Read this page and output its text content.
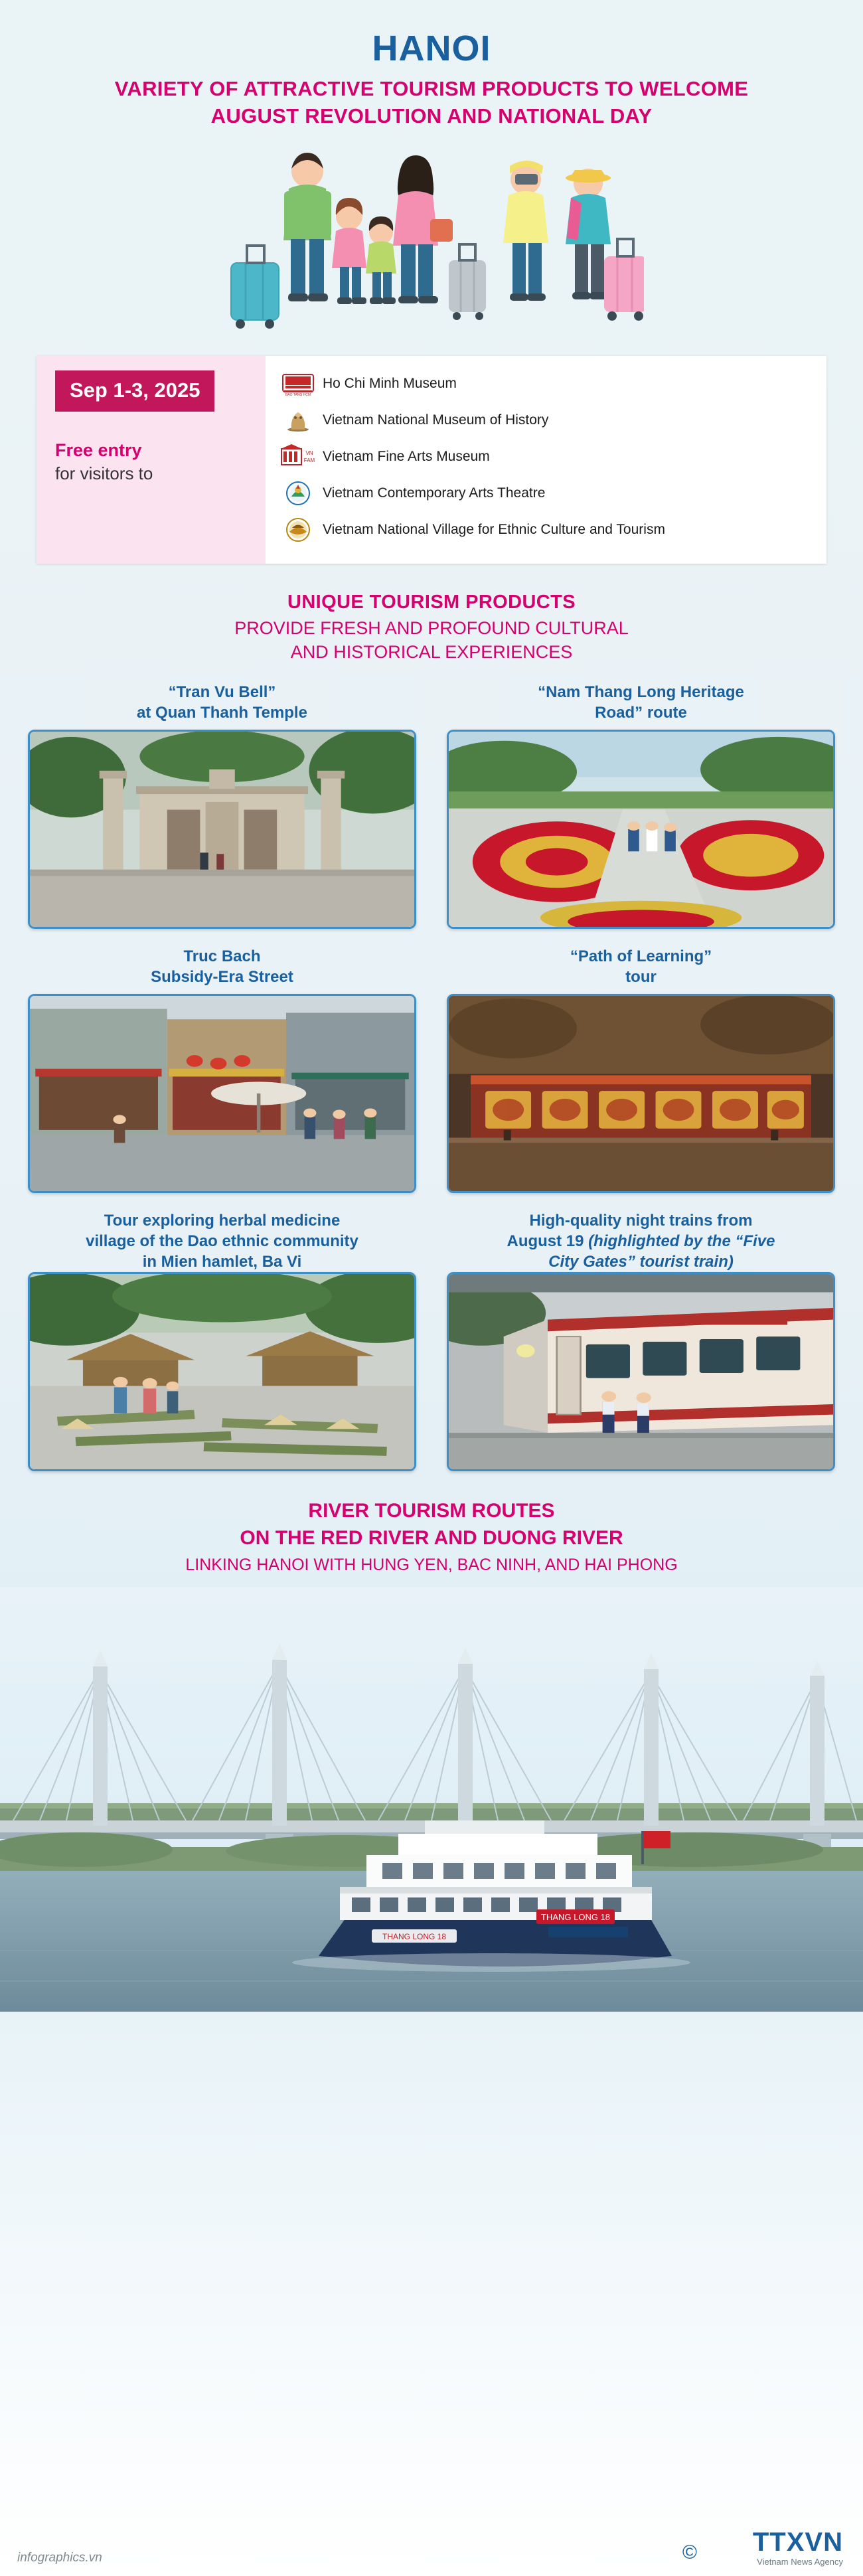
HANOI
VARIETY OF ATTRACTIVE TOURISM PRODUCTS TO WELCOME
AUGUST REVOLUTION AND NATIONAL DAY
Sep 1-3, 2025
Free entry
for visitors to
BAO TANG HCM
Ho Chi Minh Museum
Vietnam National Museum of History
VN
FAM Vietnam Fine Arts Museum
Vietnam Contemporary Arts Theatre
Vietnam National Village for Ethnic Culture and Tourism
UNIQUE TOURISM PRODUCTS
PROVIDE FRESH AND PROFOUND CULTURAL
AND HISTORICAL EXPERIENCES
“Tran Vu Bell”
at Quan Thanh Temple
“Nam Thang Long Heritage
Road” route
Truc Bach
Subsidy-Era Street
“Path of Learning”
tour
Tour exploring herbal medicine
village of the Dao ethnic community
in Mien hamlet, Ba Vi
High-quality night trains from
August 19 (highlighted by the “Five
City Gates” tourist train)
RIVER TOURISM ROUTES
ON THE RED RIVER AND DUONG RIVER
LINKING HANOI WITH HUNG YEN, BAC NINH, AND HAI PHONG
THANG LONG 18
THANG LONG 18
infographics.vn	© TTXVN
Vietnam News Agency
